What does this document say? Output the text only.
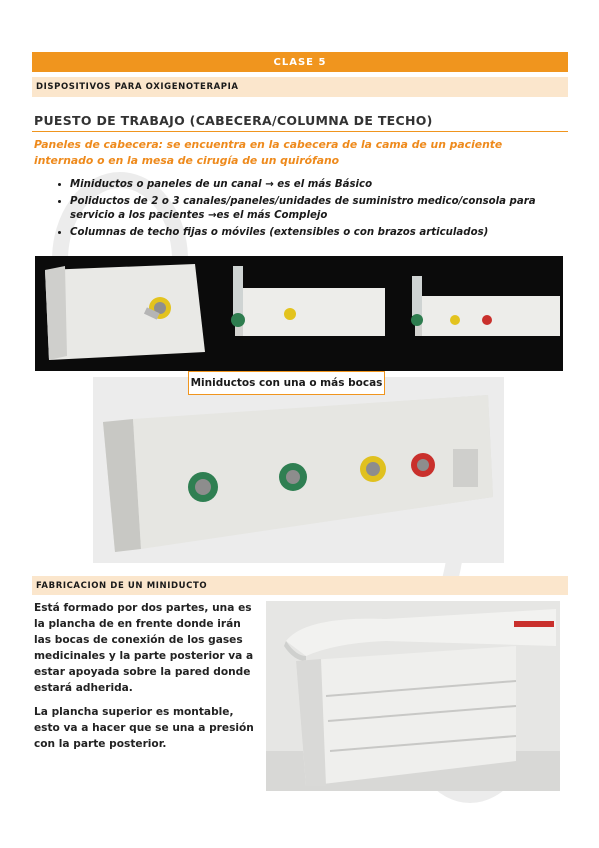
CLASE 5
DISPOSITIVOS PARA OXIGENOTERAPIA
PUESTO DE TRABAJO (CABECERA/COLUMNA DE TECHO)
Paneles de cabecera: se encuentra en la cabecera de la cama de un paciente internado o en la mesa de cirugía de un quirófano
• Miniductos o paneles de un canal → es el más Básico
• Poliductos de 2 o 3 canales/paneles/unidades de suministro medico/consola para servicio a los pacientes →es el más Complejo
• Columnas de techo fijas o móviles (extensibles o con brazos articulados)
Miniductos con una o más bocas
FABRICACION DE UN MINIDUCTO

Está formado por dos partes, una es la plancha de en frente donde irán las bocas de conexión de los gases medicinales y la parte posterior va a estar apoyada sobre la pared donde estará adherida.

La plancha superior es montable, esto va a hacer que se una a presión con la parte posterior.
